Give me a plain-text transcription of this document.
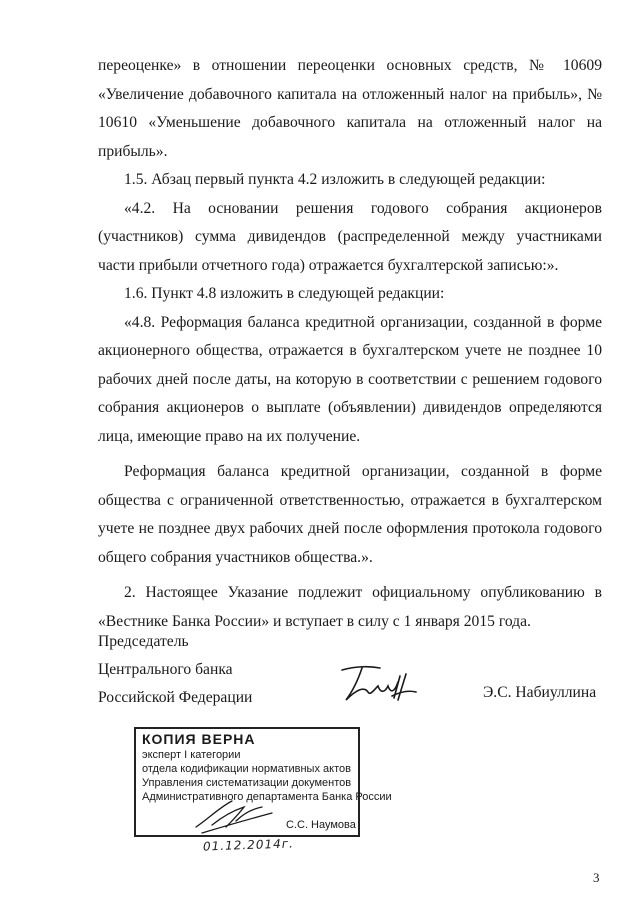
переоценке» в отношении переоценки основных средств, № 10609 «Увеличение добавочного капитала на отложенный налог на прибыль», № 10610 «Уменьшение добавочного капитала на отложенный налог на прибыль».

1.5. Абзац первый пункта 4.2 изложить в следующей редакции:

«4.2. На основании решения годового собрания акционеров (участников) сумма дивидендов (распределенной между участниками части прибыли отчетного года) отражается бухгалтерской записью:».

1.6. Пункт 4.8 изложить в следующей редакции:

«4.8. Реформация баланса кредитной организации, созданной в форме акционерного общества, отражается в бухгалтерском учете не позднее 10 рабочих дней после даты, на которую в соответствии с решением годового собрания акционеров о выплате (объявлении) дивидендов определяются лица, имеющие право на их получение.

Реформация баланса кредитной организации, созданной в форме общества с ограниченной ответственностью, отражается в бухгалтерском учете не позднее двух рабочих дней после оформления протокола годового общего собрания участников общества.».

2. Настоящее Указание подлежит официальному опубликованию в «Вестнике Банка России» и вступает в силу с 1 января 2015 года.

Председатель
Центрального банка
Российской Федерации	Э.С. Набиуллина
КОПИЯ ВЕРНА
эксперт I категории
отдела кодификации нормативных актов
Управления систематизации документов
Административного департамента Банка России
С.С. Наумова
01.12.2014г.
3
